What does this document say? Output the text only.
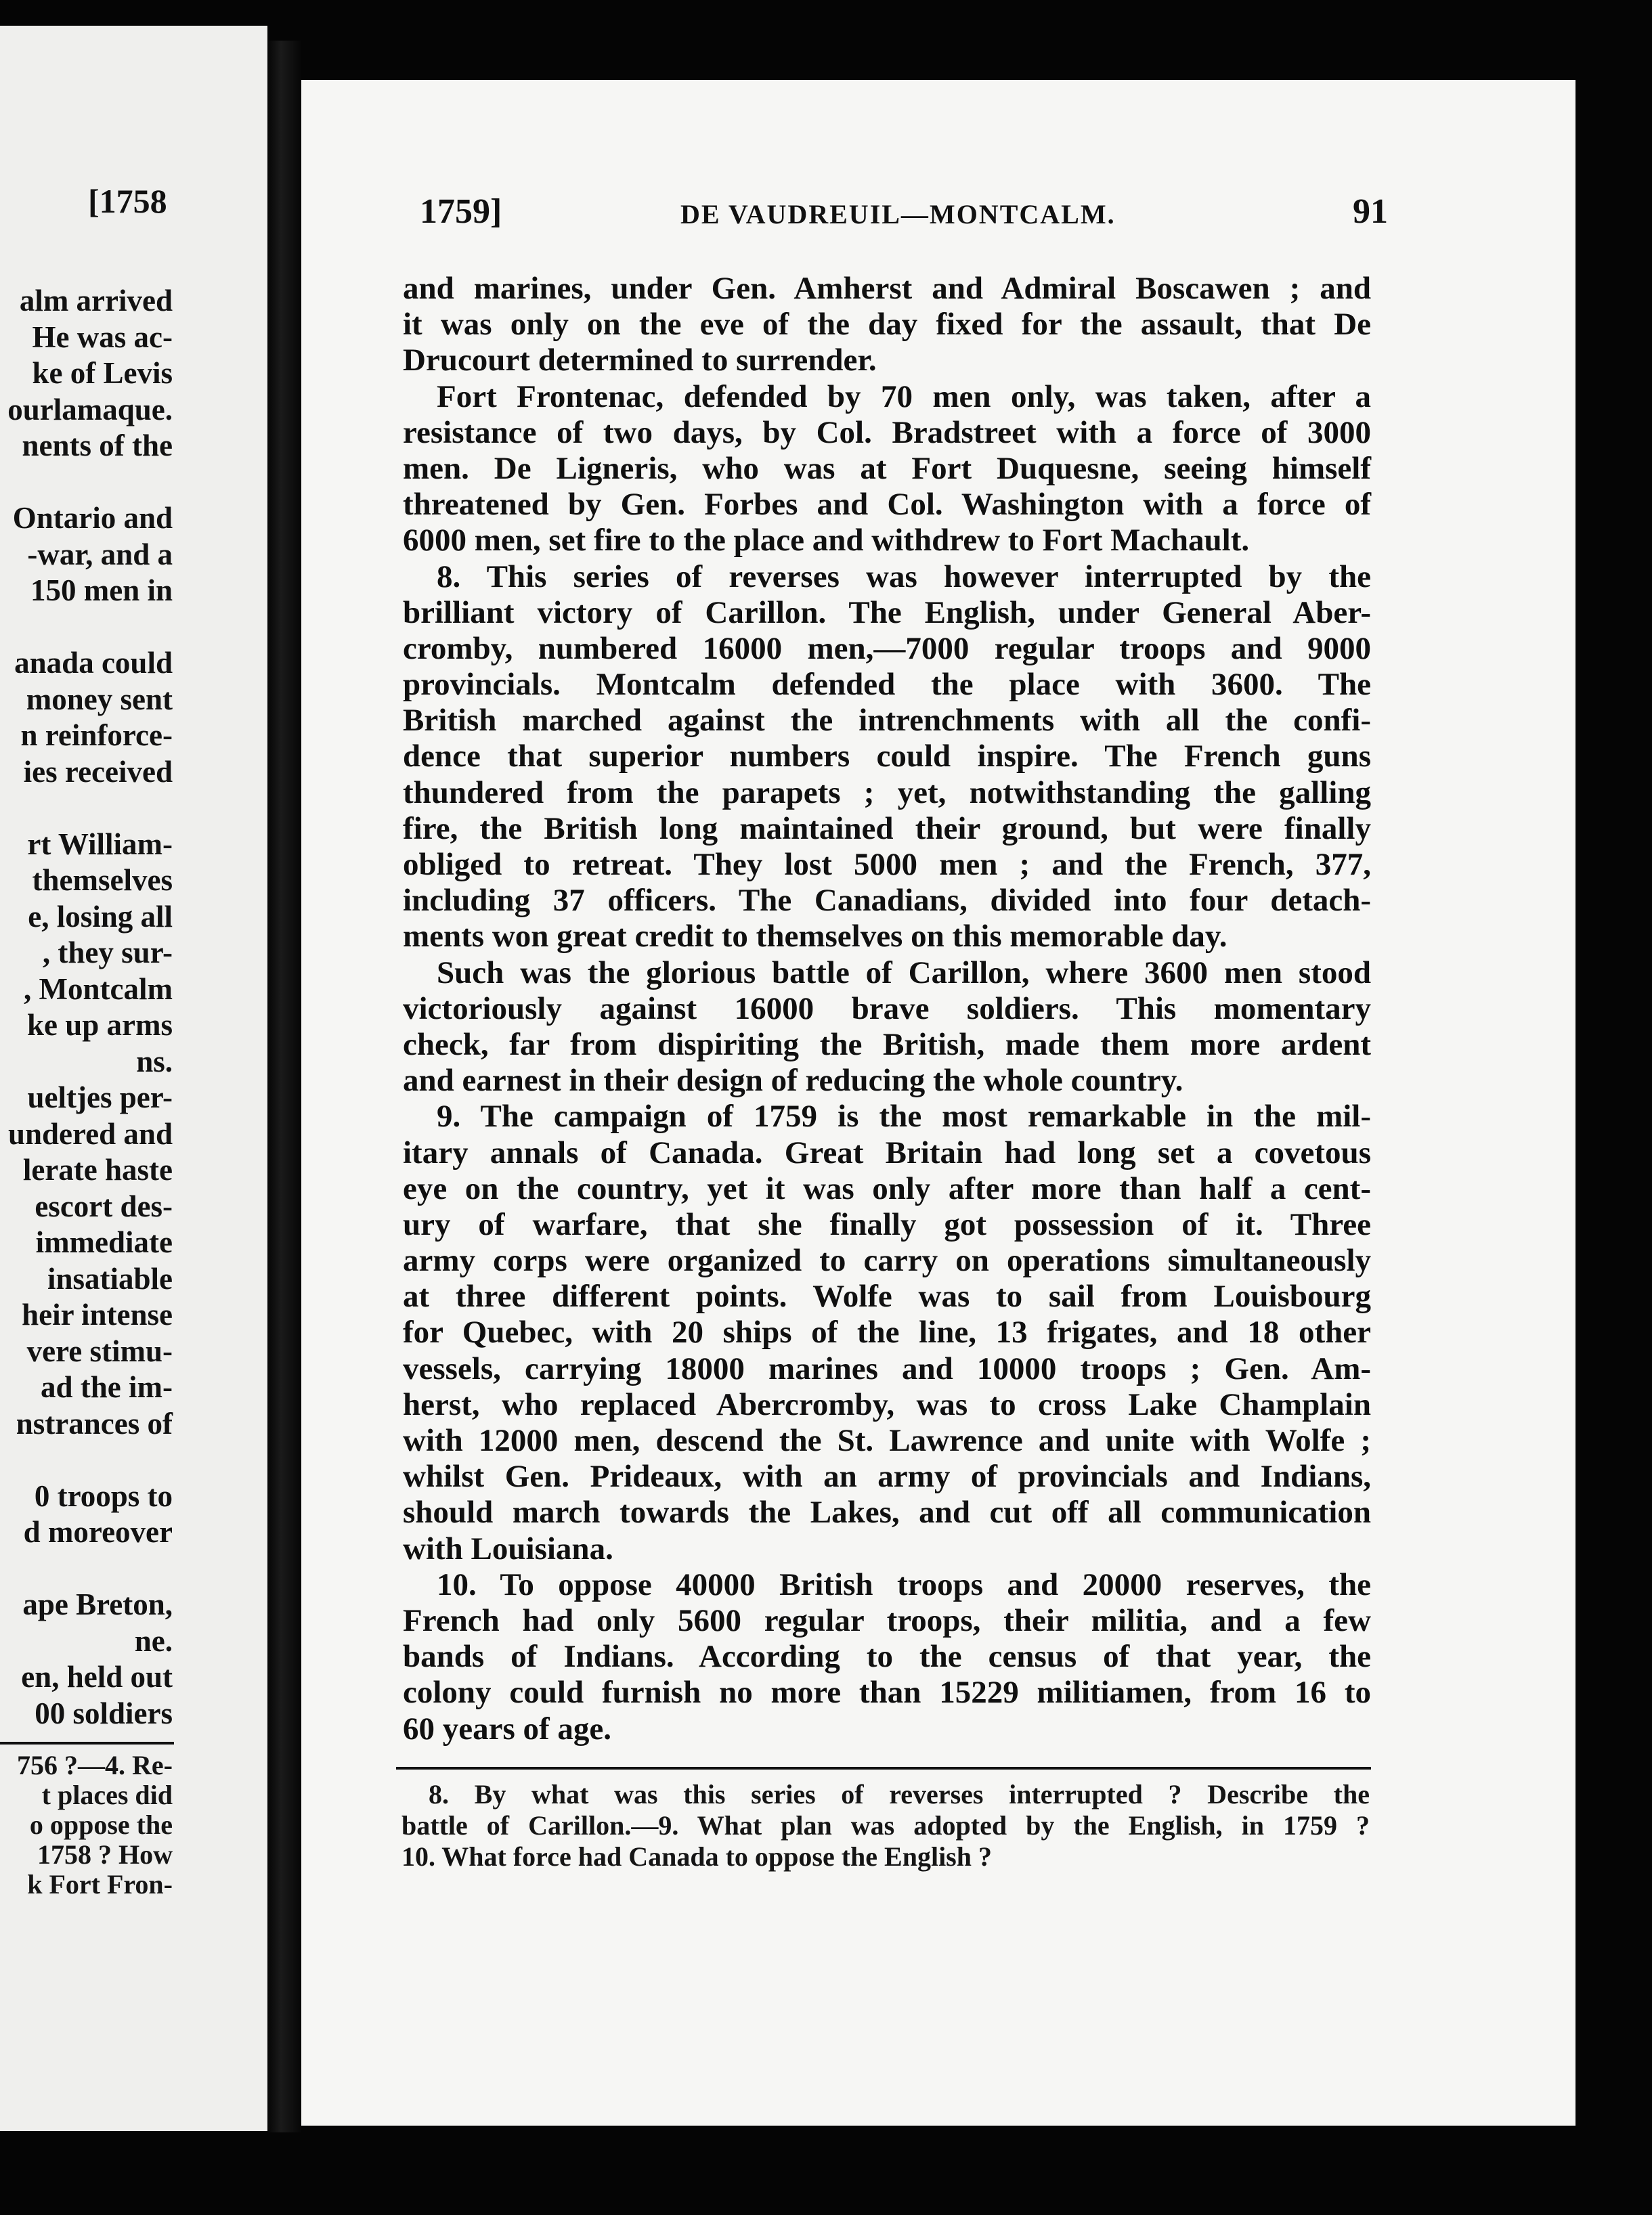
[1758
alm arrived
He was ac-
ke of Levis
ourlamaque.
nents of the
Ontario and
-war, and a
150 men in
anada could
money sent
n reinforce-
ies received
rt William-
themselves
e, losing all
, they sur-
, Montcalm
ke up arms
ns.
ueltjes per-
undered and
lerate haste
escort des-
immediate
insatiable
heir intense
vere stimu-
ad the im-
nstrances of
0 troops to
d moreover
ape Breton,
ne.
en, held out
00 soldiers
756 ?—4. Re-
t places did
o oppose the
1758 ? How
k Fort Fron-
1759]	DE VAUDREUIL—MONTCALM.	91
and marines, under Gen. Amherst and Admiral Boscawen ; and
it was only on the eve of the day fixed for the assault, that De
Drucourt determined to surrender.
Fort Frontenac, defended by 70 men only, was taken, after a
resistance of two days, by Col. Bradstreet with a force of 3000
men. De Ligneris, who was at Fort Duquesne, seeing himself
threatened by Gen. Forbes and Col. Washington with a force of
6000 men, set fire to the place and withdrew to Fort Machault.
8. This series of reverses was however interrupted by the
brilliant victory of Carillon. The English, under General Aber-
cromby, numbered 16000 men,—7000 regular troops and 9000
provincials. Montcalm defended the place with 3600. The
British marched against the intrenchments with all the confi-
dence that superior numbers could inspire. The French guns
thundered from the parapets ; yet, notwithstanding the galling
fire, the British long maintained their ground, but were finally
obliged to retreat. They lost 5000 men ; and the French, 377,
including 37 officers. The Canadians, divided into four detach-
ments won great credit to themselves on this memorable day.
Such was the glorious battle of Carillon, where 3600 men stood
victoriously against 16000 brave soldiers. This momentary
check, far from dispiriting the British, made them more ardent
and earnest in their design of reducing the whole country.
9. The campaign of 1759 is the most remarkable in the mil-
itary annals of Canada. Great Britain had long set a covetous
eye on the country, yet it was only after more than half a cent-
ury of warfare, that she finally got possession of it. Three
army corps were organized to carry on operations simultaneously
at three different points. Wolfe was to sail from Louisbourg
for Quebec, with 20 ships of the line, 13 frigates, and 18 other
vessels, carrying 18000 marines and 10000 troops ; Gen. Am-
herst, who replaced Abercromby, was to cross Lake Champlain
with 12000 men, descend the St. Lawrence and unite with Wolfe ;
whilst Gen. Prideaux, with an army of provincials and Indians,
should march towards the Lakes, and cut off all communication
with Louisiana.
10. To oppose 40000 British troops and 20000 reserves, the
French had only 5600 regular troops, their militia, and a few
bands of Indians. According to the census of that year, the
colony could furnish no more than 15229 militiamen, from 16 to
60 years of age.
8. By what was this series of reverses interrupted ? Describe the
battle of Carillon.—9. What plan was adopted by the English, in 1759 ?
10. What force had Canada to oppose the English ?
